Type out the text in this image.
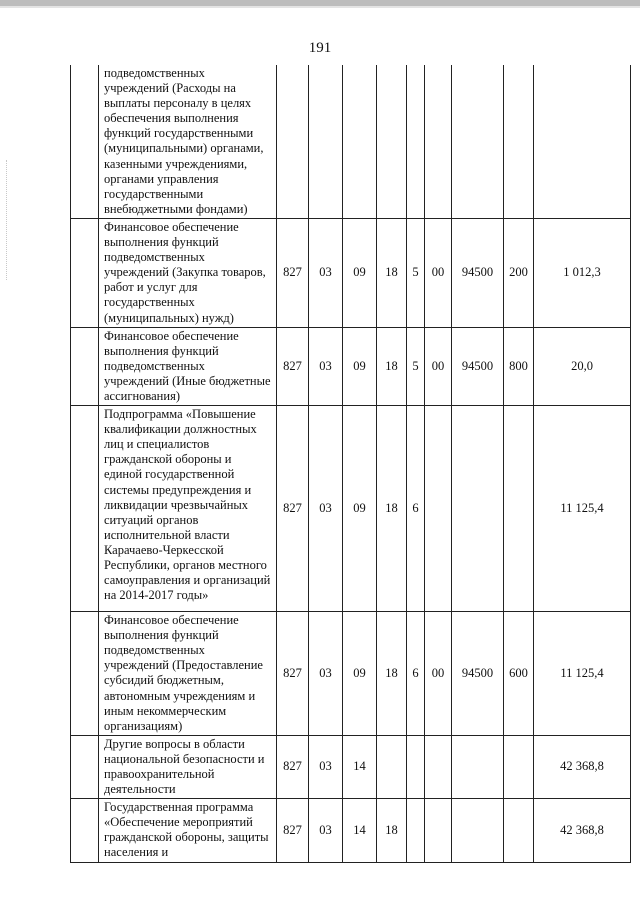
191
	подведомственных учреждений (Расходы на выплаты персоналу в целях обеспечения выполнения функций государственными (муниципальными) органами, казенными учреждениями, органами управления государственными внебюджетными фондами)									
	Финансовое обеспечение выполнения функций подведомственных учреждений (Закупка товаров, работ и услуг для государственных (муниципальных) нужд)	827	03	09	18	5	00	94500	200	1 012,3
	Финансовое обеспечение выполнения функций подведомственных учреждений (Иные бюджетные ассигнования)	827	03	09	18	5	00	94500	800	20,0
	Подпрограмма «Повышение квалификации должностных лиц и специалистов гражданской обороны и единой государственной системы предупреждения и ликвидации чрезвычайных ситуаций органов исполнительной власти Карачаево-Черкесской Республики, органов местного самоуправления и организаций на 2014-2017 годы»	827	03	09	18	6				11 125,4
	Финансовое обеспечение выполнения функций подведомственных учреждений (Предоставление субсидий бюджетным, автономным учреждениям и иным некоммерческим организациям)	827	03	09	18	6	00	94500	600	11 125,4
	Другие вопросы в области национальной безопасности и правоохранительной деятельности	827	03	14						42 368,8
	Государственная программа «Обеспечение мероприятий гражданской обороны, защиты населения и	827	03	14	18					42 368,8
